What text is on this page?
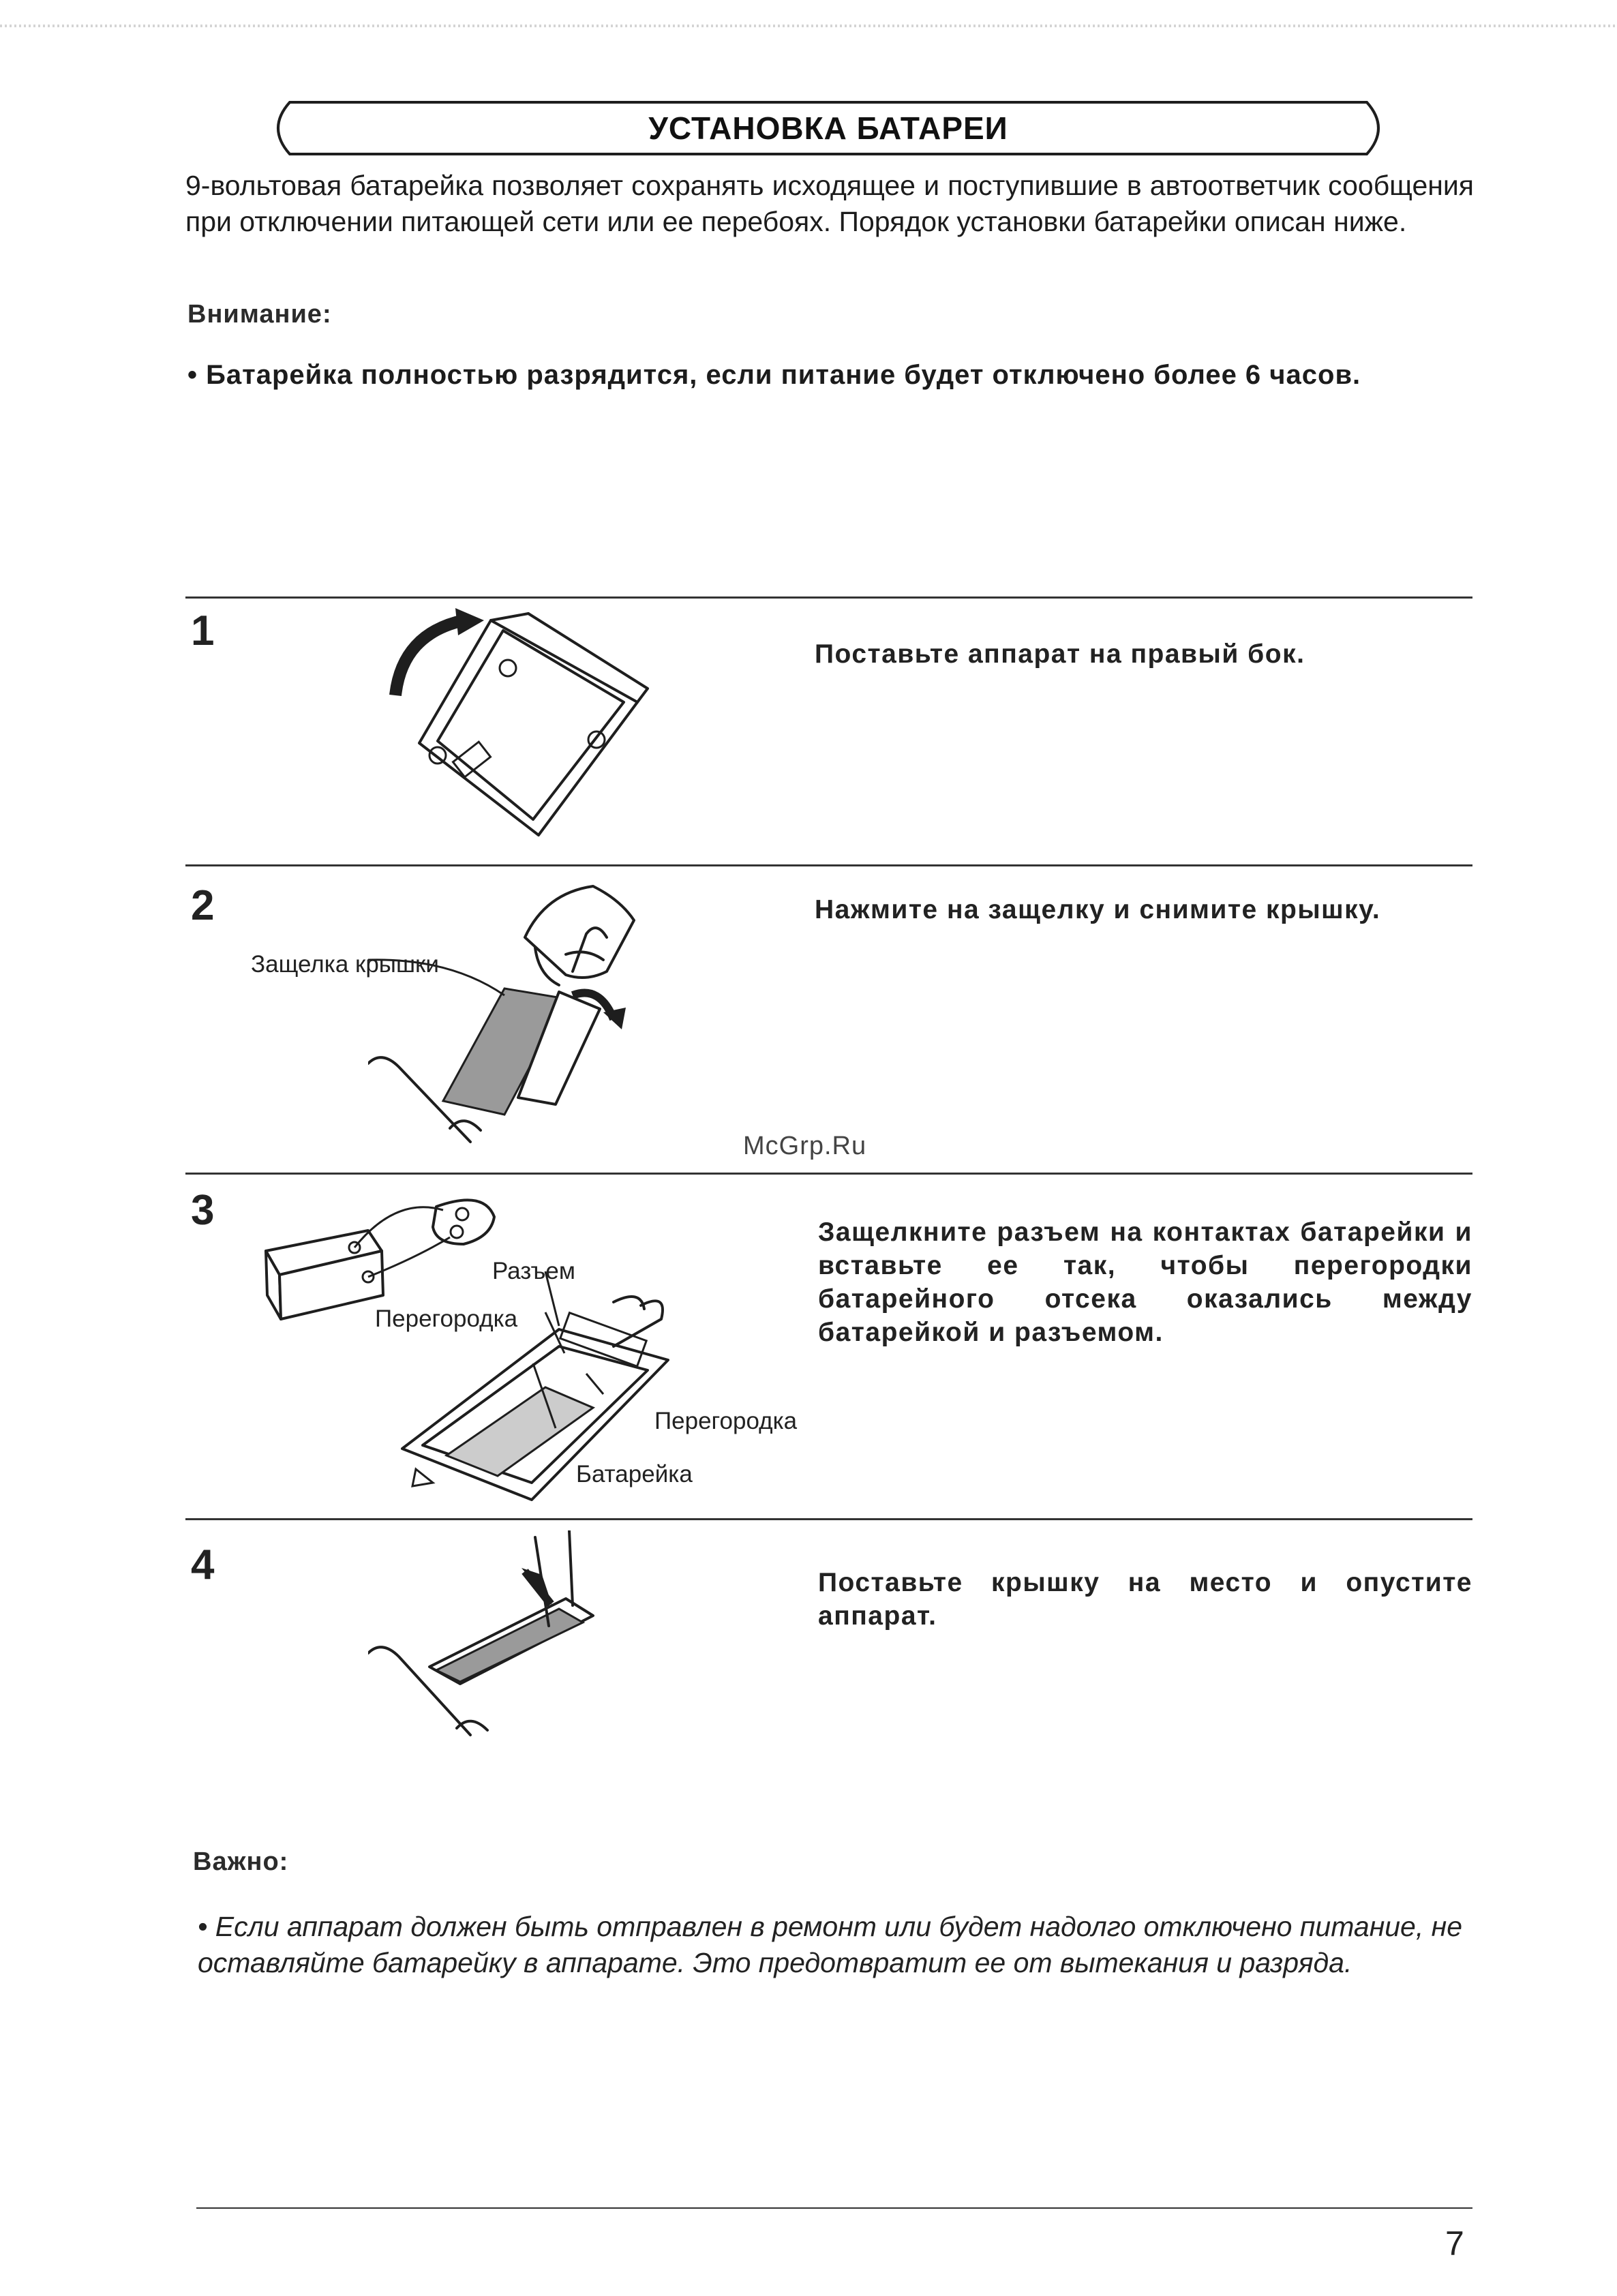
УСТАНОВКА БАТАРЕИ
9-вольтовая батарейка позволяет сохранять исходящее и поступившие в автоответчик сообщения при отключении питающей сети или ее перебоях. Порядок установки батарейки описан ниже.
Внимание:
• Батарейка полностью разрядится, если питание будет отключено более 6 часов.
1	Поставьте аппарат на правый бок.
2
Защелка крышки
Нажмите на защелку и снимите крышку.
McGrp.Ru
3
Разъем
Перегородка
Перегородка
Батарейка
Защелкните разъем на контактах батарейки и вставьте ее так, чтобы перегородки батарейного отсека оказались между батарейкой и разъемом.
4	Поставьте крышку на место и опустите аппарат.
Важно:
• Если аппарат должен быть отправлен в ремонт или будет надолго отключено питание, не оставляйте батарейку в аппарате. Это предотвратит ее от вытекания и разряда.
7
